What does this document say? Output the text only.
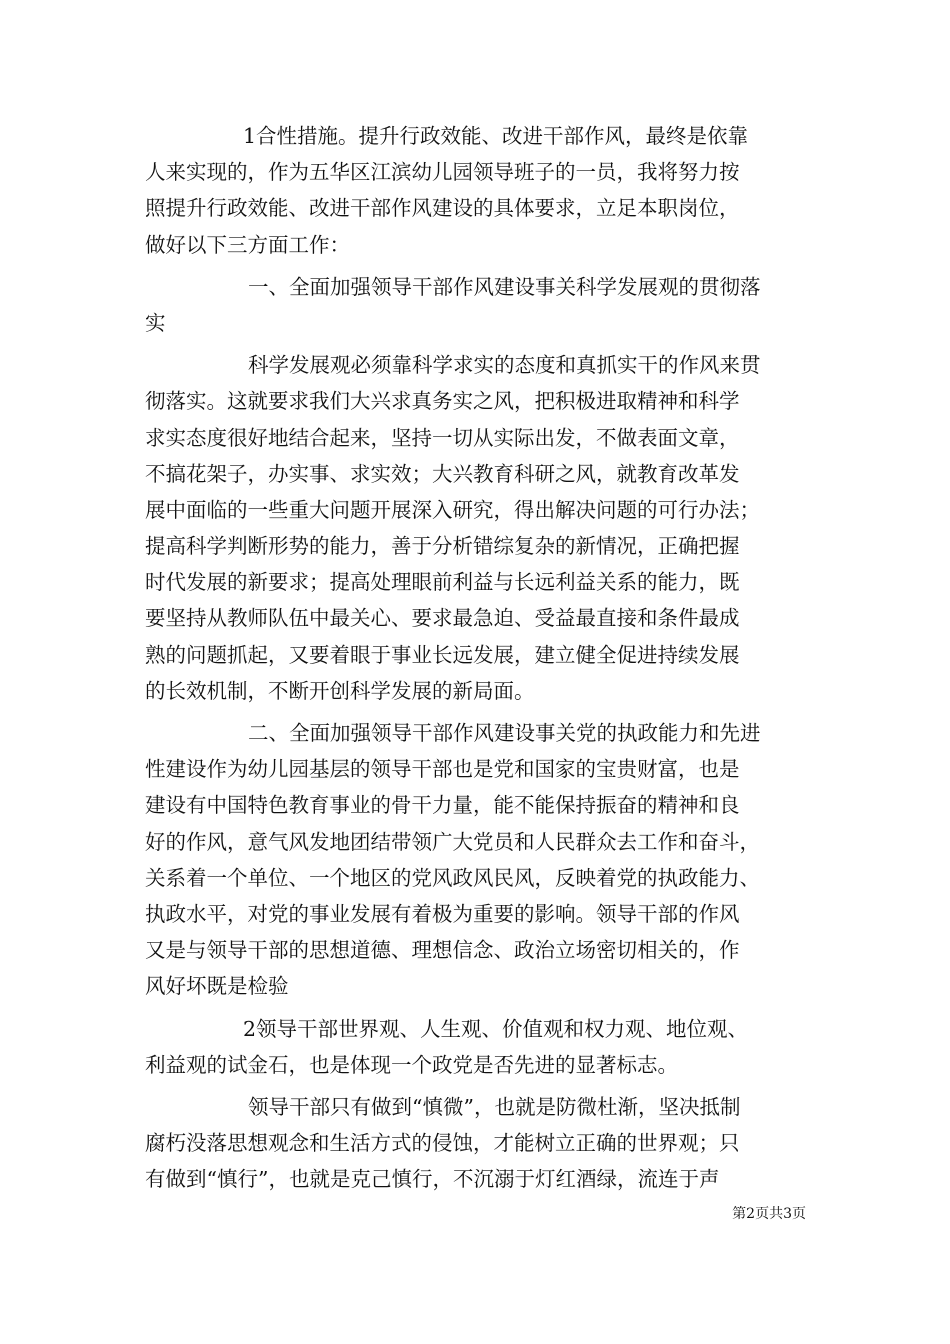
1合性措施。提升行政效能、改进干部作风，最终是依靠
人来实现的，作为五华区江滨幼儿园领导班子的一员，我将努力按
照提升行政效能、改进干部作风建设的具体要求，立足本职岗位，
做好以下三方面工作：
一、全面加强领导干部作风建设事关科学发展观的贯彻落
实
科学发展观必须靠科学求实的态度和真抓实干的作风来贯
彻落实。这就要求我们大兴求真务实之风，把积极进取精神和科学
求实态度很好地结合起来，坚持一切从实际出发，不做表面文章，
不搞花架子，办实事、求实效；大兴教育科研之风，就教育改革发
展中面临的一些重大问题开展深入研究，得出解决问题的可行办法；
提高科学判断形势的能力，善于分析错综复杂的新情况，正确把握
时代发展的新要求；提高处理眼前利益与长远利益关系的能力，既
要坚持从教师队伍中最关心、要求最急迫、受益最直接和条件最成
熟的问题抓起，又要着眼于事业长远发展，建立健全促进持续发展
的长效机制，不断开创科学发展的新局面。
二、全面加强领导干部作风建设事关党的执政能力和先进
性建设作为幼儿园基层的领导干部也是党和国家的宝贵财富，也是
建设有中国特色教育事业的骨干力量，能不能保持振奋的精神和良
好的作风，意气风发地团结带领广大党员和人民群众去工作和奋斗，
关系着一个单位、一个地区的党风政风民风，反映着党的执政能力、
执政水平，对党的事业发展有着极为重要的影响。领导干部的作风
又是与领导干部的思想道德、理想信念、政治立场密切相关的，作
风好坏既是检验
2领导干部世界观、人生观、价值观和权力观、地位观、
利益观的试金石，也是体现一个政党是否先进的显著标志。
领导干部只有做到“慎微”，也就是防微杜渐，坚决抵制
腐朽没落思想观念和生活方式的侵蚀，才能树立正确的世界观；只
有做到“慎行”，也就是克己慎行，不沉溺于灯红酒绿，流连于声
第2页共3页
